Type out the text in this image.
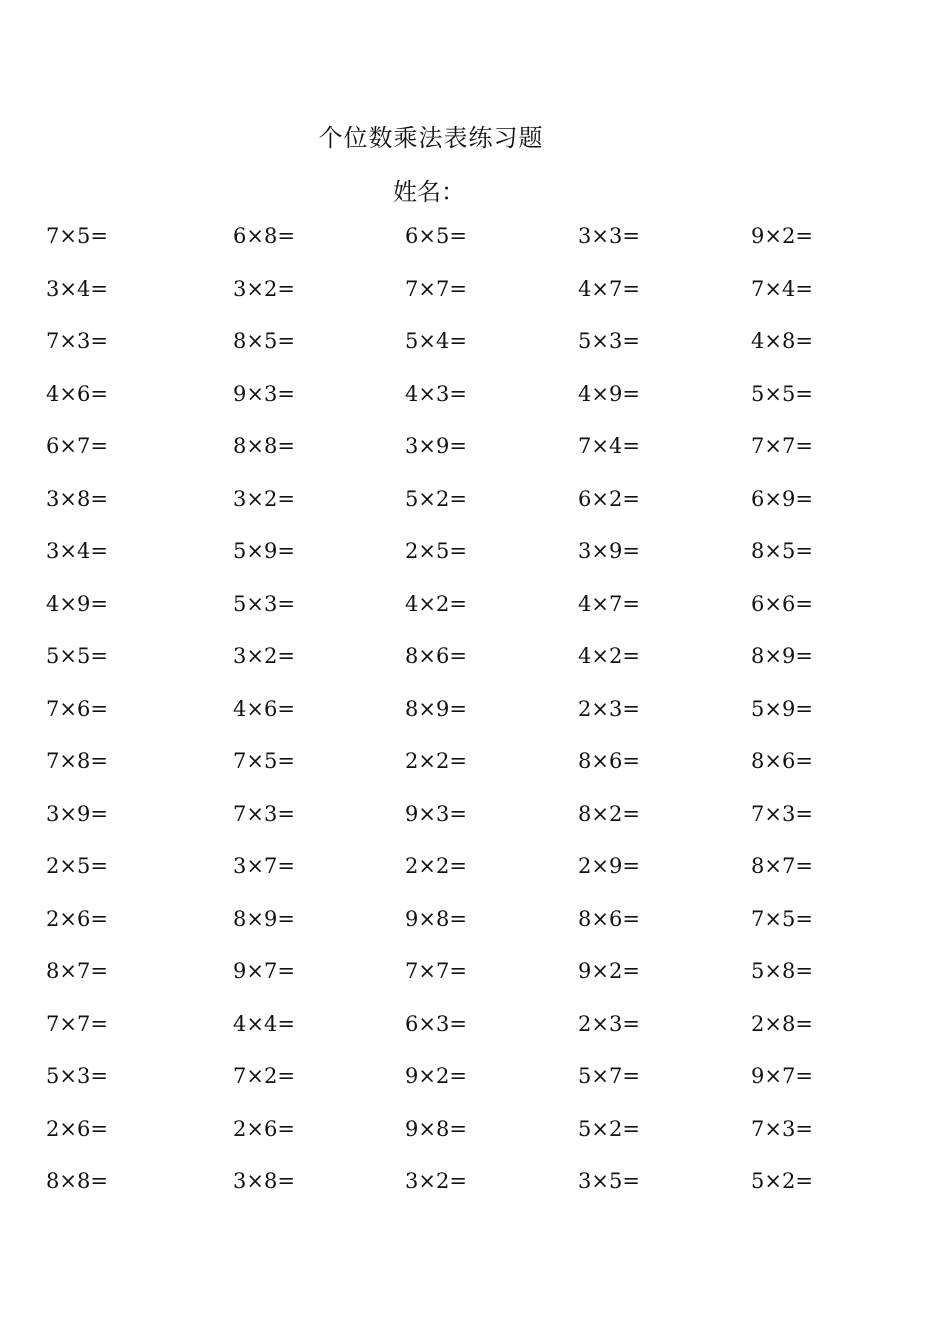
个位数乘法表练习题
姓名：
7×5=	6×8=	6×5=	3×3=	9×2=
3×4=	3×2=	7×7=	4×7=	7×4=
7×3=	8×5=	5×4=	5×3=	4×8=
4×6=	9×3=	4×3=	4×9=	5×5=
6×7=	8×8=	3×9=	7×4=	7×7=
3×8=	3×2=	5×2=	6×2=	6×9=
3×4=	5×9=	2×5=	3×9=	8×5=
4×9=	5×3=	4×2=	4×7=	6×6=
5×5=	3×2=	8×6=	4×2=	8×9=
7×6=	4×6=	8×9=	2×3=	5×9=
7×8=	7×5=	2×2=	8×6=	8×6=
3×9=	7×3=	9×3=	8×2=	7×3=
2×5=	3×7=	2×2=	2×9=	8×7=
2×6=	8×9=	9×8=	8×6=	7×5=
8×7=	9×7=	7×7=	9×2=	5×8=
7×7=	4×4=	6×3=	2×3=	2×8=
5×3=	7×2=	9×2=	5×7=	9×7=
2×6=	2×6=	9×8=	5×2=	7×3=
8×8=	3×8=	3×2=	3×5=	5×2=
